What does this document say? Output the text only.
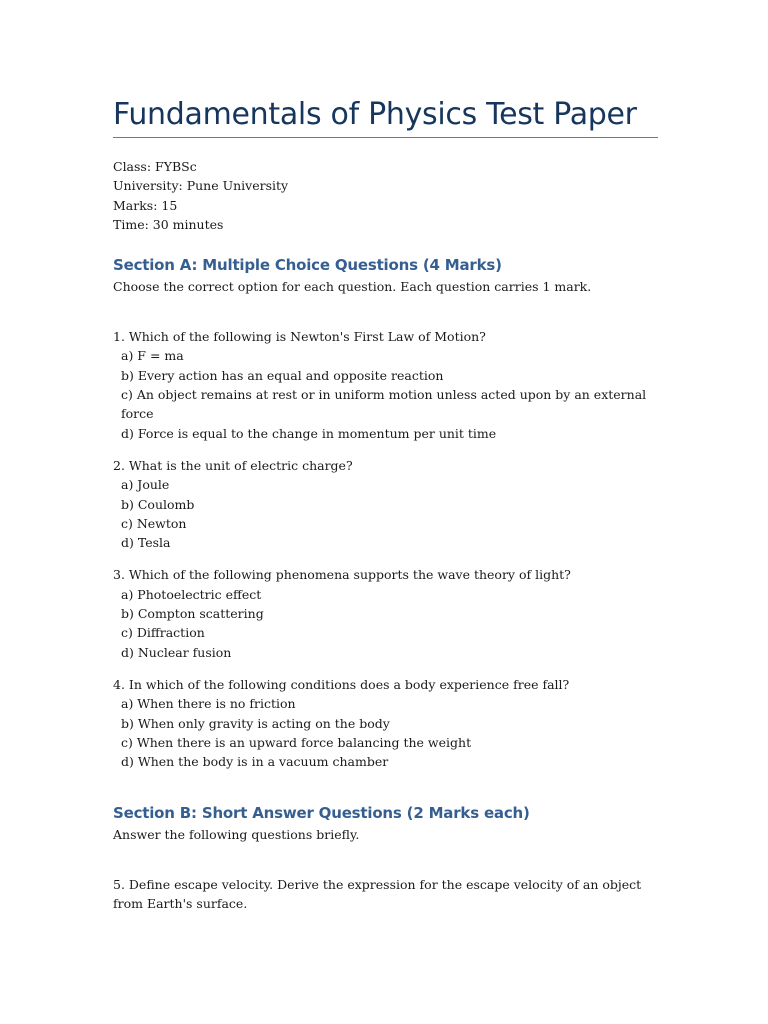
Fundamentals of Physics Test Paper
Class: FYBSc
University: Pune University
Marks: 15
Time: 30 minutes
Section A: Multiple Choice Questions (4 Marks)

Choose the correct option for each question. Each question carries 1 mark.

1. Which of the following is Newton's First Law of Motion?
a) F = ma
b) Every action has an equal and opposite reaction
c) An object remains at rest or in uniform motion unless acted upon by an external force
d) Force is equal to the change in momentum per unit time
2. What is the unit of electric charge?
a) Joule
b) Coulomb
c) Newton
d) Tesla
3. Which of the following phenomena supports the wave theory of light?
a) Photoelectric effect
b) Compton scattering
c) Diffraction
d) Nuclear fusion
4. In which of the following conditions does a body experience free fall?
a) When there is no friction
b) When only gravity is acting on the body
c) When there is an upward force balancing the weight
d) When the body is in a vacuum chamber
Section B: Short Answer Questions (2 Marks each)

Answer the following questions briefly.

5. Define escape velocity. Derive the expression for the escape velocity of an object from Earth's surface.
